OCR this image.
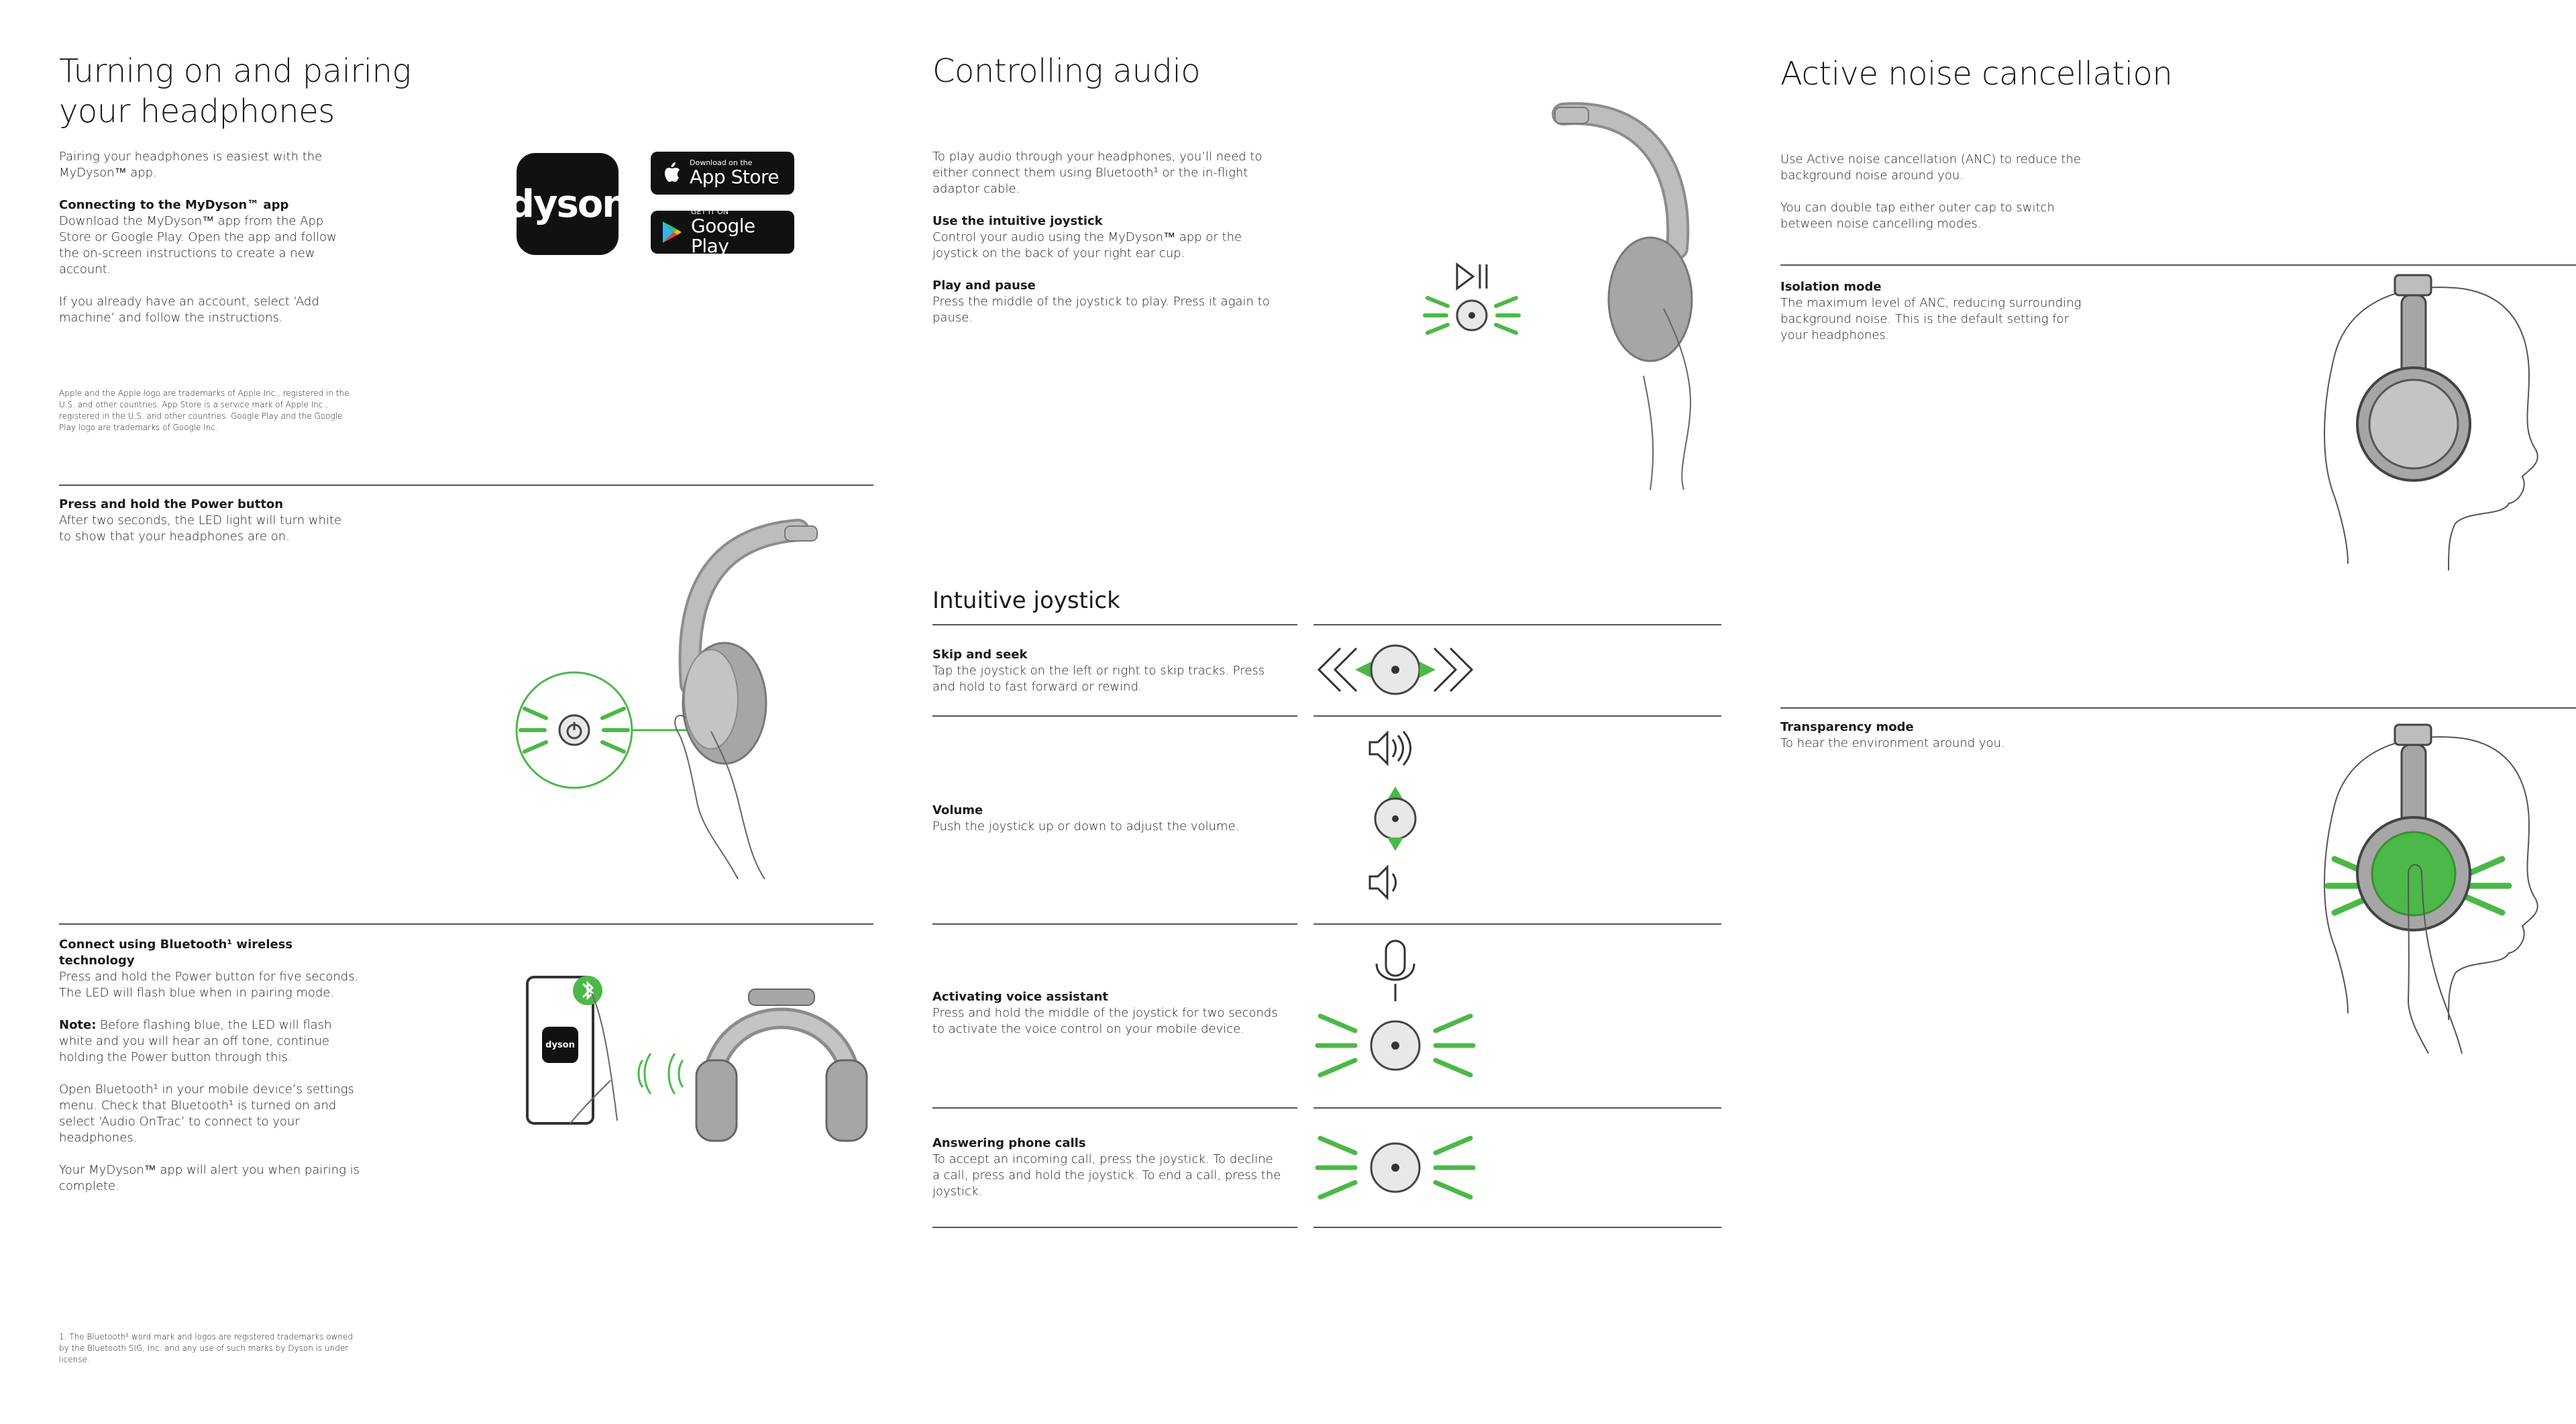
Turning on and pairing
your headphones

Pairing your headphones is easiest with the MyDyson™ app.

Connecting to the MyDyson™ app

Download the MyDyson™ app from the App Store or Google Play. Open the app and follow the on-screen instructions to create a new account.

If you already have an account, select ‘Add machine’ and follow the instructions.

Apple and the Apple logo are trademarks of Apple Inc., registered in the U.S. and other countries. App Store is a service mark of Apple Inc., registered in the U.S. and other countries. Google Play and the Google Play logo are trademarks of Google Inc.
dyson
Download on the
App Store
GET IT ON
Google Play
Press and hold the Power button
After two seconds, the LED light will turn white to show that your headphones are on.
Connect using Bluetooth¹ wireless technology

Press and hold the Power button for five seconds. The LED will flash blue when in pairing mode.

Note: Before flashing blue, the LED will flash white and you will hear an off tone, continue holding the Power button through this.

Open Bluetooth¹ in your mobile device’s settings menu. Check that Bluetooth¹ is turned on and select ‘Audio OnTrac’ to connect to your headphones.

Your MyDyson™ app will alert you when pairing is complete.

dyson
1. The Bluetooth¹ word mark and logos are registered trademarks owned by the Bluetooth SIG, Inc. and any use of such marks by Dyson is under license.
Controlling audio

To play audio through your headphones, you’ll need to either connect them using Bluetooth¹ or the in-flight adaptor cable.

Use the intuitive joystick

Control your audio using the MyDyson™ app or the joystick on the back of your right ear cup.

Play and pause

Press the middle of the joystick to play. Press it again to pause.

Intuitive joystick
Skip and seek
Tap the joystick on the left or right to skip tracks. Press and hold to fast forward or rewind.
Volume
Push the joystick up or down to adjust the volume.
Activating voice assistant
Press and hold the middle of the joystick for two seconds to activate the voice control on your mobile device.
Answering phone calls
To accept an incoming call, press the joystick. To decline a call, press and hold the joystick. To end a call, press the joystick.
Active noise cancellation

Use Active noise cancellation (ANC) to reduce the background noise around you.

You can double tap either outer cap to switch between noise cancelling modes.

Isolation mode
The maximum level of ANC, reducing surrounding background noise. This is the default setting for your headphones.
Transparency mode
To hear the environment around you.
